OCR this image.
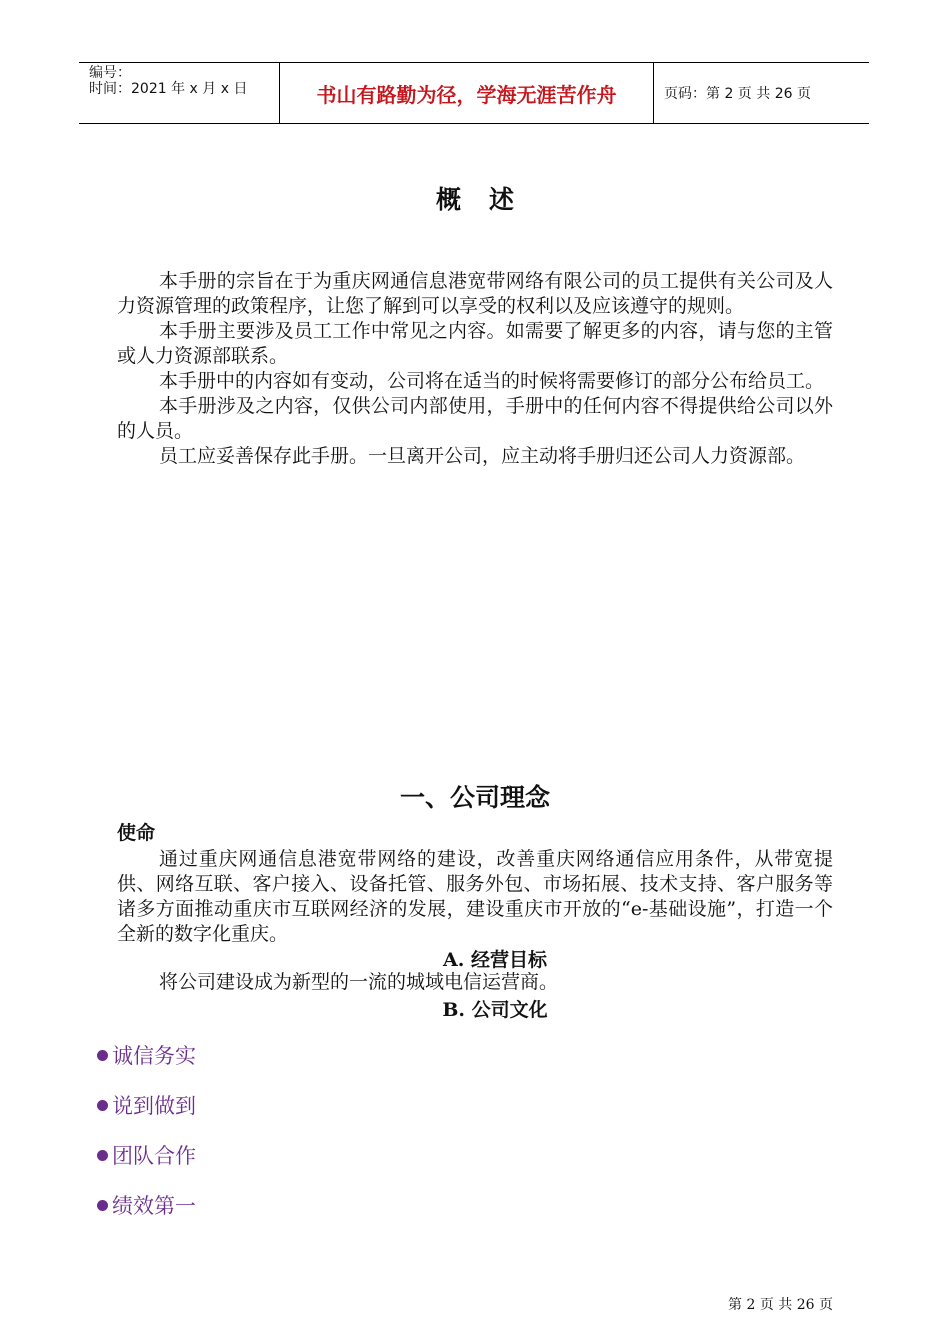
编号：
时间：2021 年 x 月 x 日	书山有路勤为径，学海无涯苦作舟	页码：第 2 页 共 26 页
概述

本手册的宗旨在于为重庆网通信息港宽带网络有限公司的员工提供有关公司及人力资源管理的政策程序，让您了解到可以享受的权利以及应该遵守的规则。

本手册主要涉及员工工作中常见之内容。如需要了解更多的内容，请与您的主管或人力资源部联系。

本手册中的内容如有变动，公司将在适当的时候将需要修订的部分公布给员工。

本手册涉及之内容，仅供公司内部使用，手册中的任何内容不得提供给公司以外的人员。

员工应妥善保存此手册。一旦离开公司，应主动将手册归还公司人力资源部。

一、公司理念
使命

通过重庆网通信息港宽带网络的建设，改善重庆网络通信应用条件，从带宽提供、网络互联、客户接入、设备托管、服务外包、市场拓展、技术支持、客户服务等诸多方面推动重庆市互联网经济的发展，建设重庆市开放的“e-基础设施”，打造一个全新的数字化重庆。

A. 经营目标

将公司建设成为新型的一流的城域电信运营商。

B. 公司文化
诚信务实
说到做到
团队合作
绩效第一
第 2 页 共 26 页
